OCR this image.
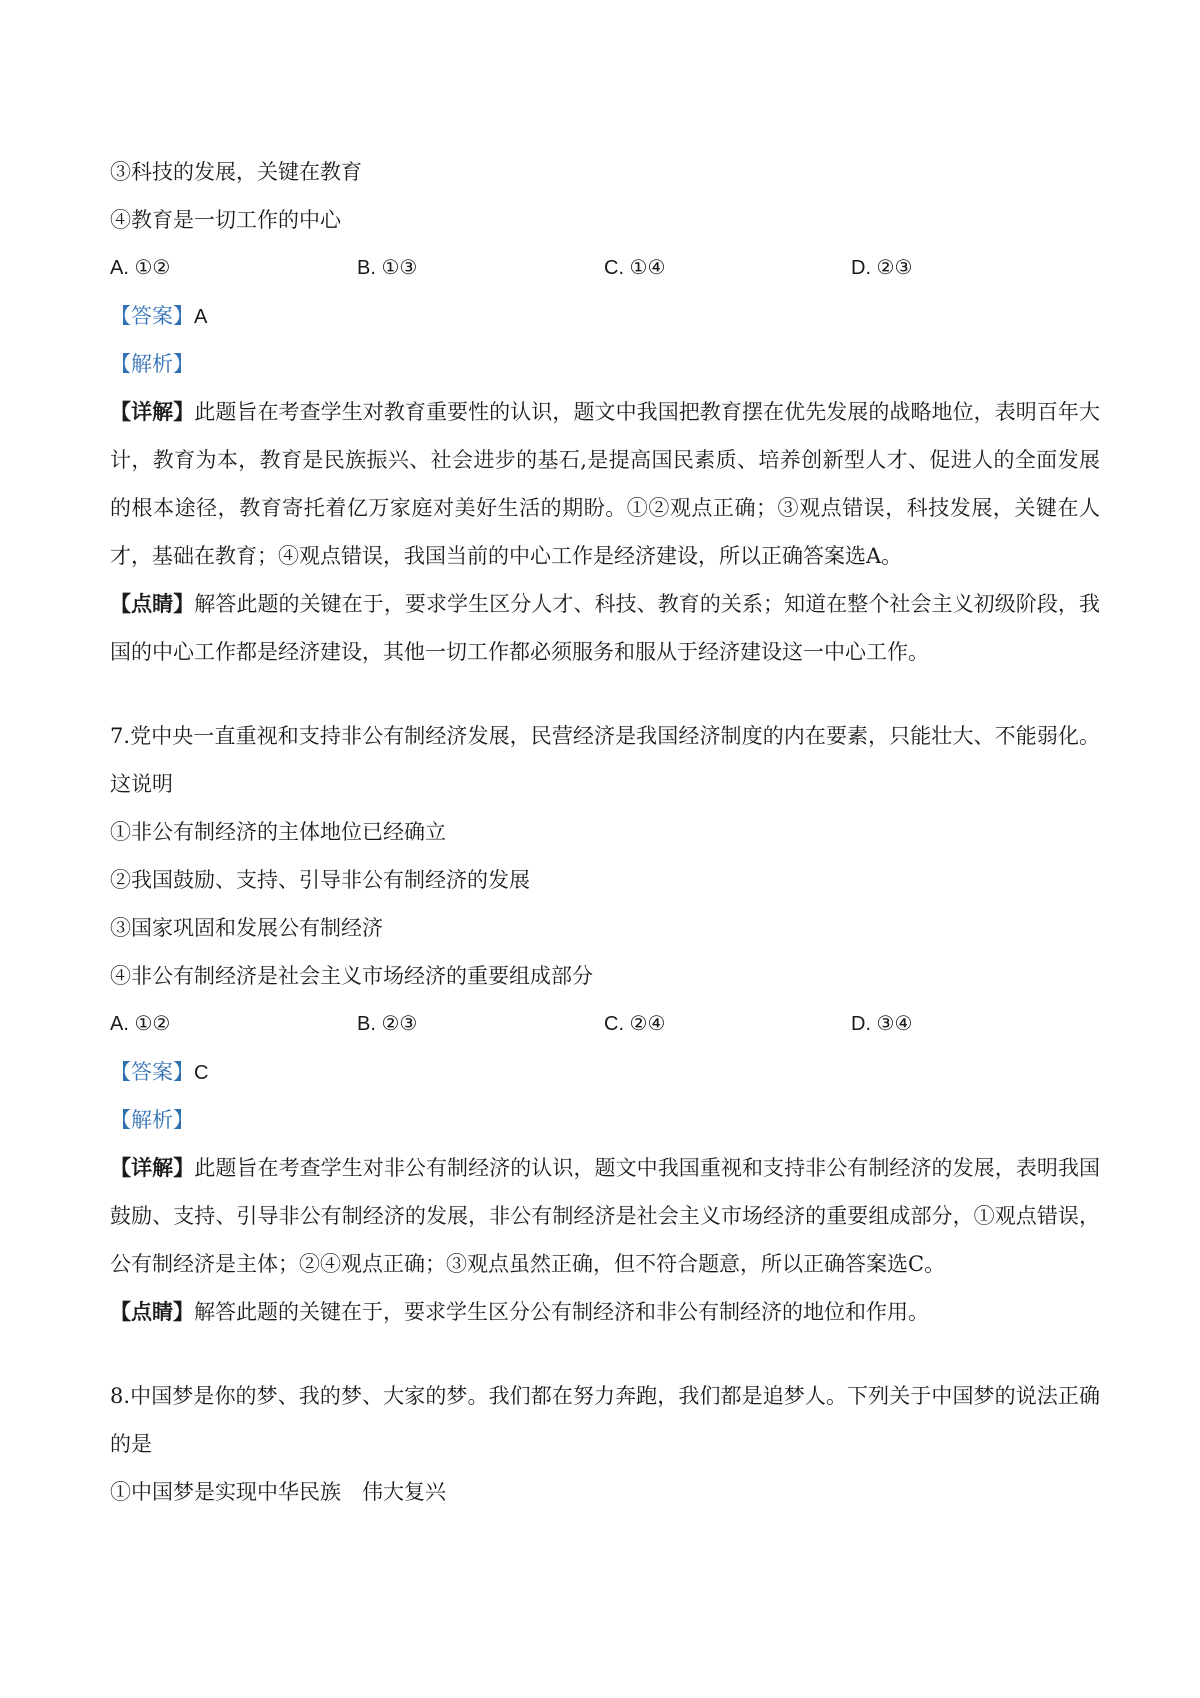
③科技的发展，关键在教育
④教育是一切工作的中心
A. ①②	B. ①③	C. ①④	D. ②③
【答案】A
【解析】
【详解】此题旨在考查学生对教育重要性的认识，题文中我国把教育摆在优先发展的战略地位，表明百年大计，教育为本，教育是民族振兴、社会进步的基石,是提高国民素质、培养创新型人才、促进人的全面发展的根本途径，教育寄托着亿万家庭对美好生活的期盼。①②观点正确；③观点错误，科技发展，关键在人才，基础在教育；④观点错误，我国当前的中心工作是经济建设，所以正确答案选A。
【点睛】解答此题的关键在于，要求学生区分人才、科技、教育的关系；知道在整个社会主义初级阶段，我国的中心工作都是经济建设，其他一切工作都必须服务和服从于经济建设这一中心工作。
7.党中央一直重视和支持非公有制经济发展，民营经济是我国经济制度的内在要素，只能壮大、不能弱化。这说明
①非公有制经济的主体地位已经确立
②我国鼓励、支持、引导非公有制经济的发展
③国家巩固和发展公有制经济
④非公有制经济是社会主义市场经济的重要组成部分
A. ①②	B. ②③	C. ②④	D. ③④
【答案】C
【解析】
【详解】此题旨在考查学生对非公有制经济的认识，题文中我国重视和支持非公有制经济的发展，表明我国鼓励、支持、引导非公有制经济的发展，非公有制经济是社会主义市场经济的重要组成部分，①观点错误，公有制经济是主体；②④观点正确；③观点虽然正确，但不符合题意，所以正确答案选C。
【点睛】解答此题的关键在于，要求学生区分公有制经济和非公有制经济的地位和作用。
8.中国梦是你的梦、我的梦、大家的梦。我们都在努力奔跑，我们都是追梦人。下列关于中国梦的说法正确的是
①中国梦是实现中华民族　伟大复兴
